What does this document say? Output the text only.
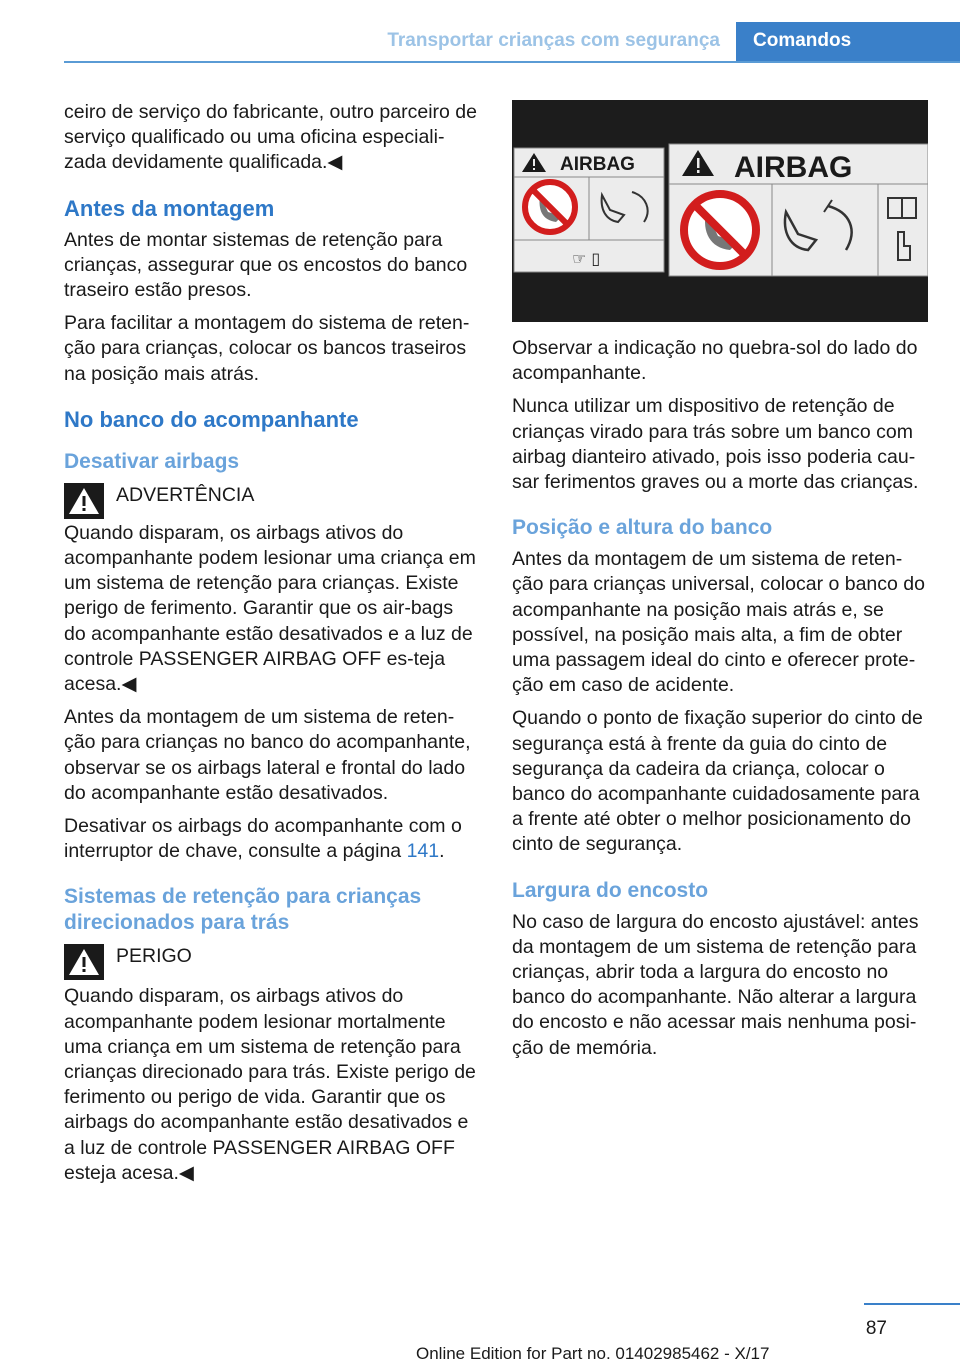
Transportar crianças com segurança	Comandos

ceiro de serviço do fabricante, outro parceiro de serviço qualificado ou uma oficina especiali‐zada devidamente qualificada.◀

Antes da montagem

Antes de montar sistemas de retenção para crianças, assegurar que os encostos do banco traseiro estão presos.

Para facilitar a montagem do sistema de reten‐ção para crianças, colocar os bancos traseiros na posição mais atrás.

No banco do acompanhante
Desativar airbags
ADVERTÊNCIA

Quando disparam, os airbags ativos do acompanhante podem lesionar uma criança em um sistema de retenção para crianças. Existe perigo de ferimento. Garantir que os air‐bags do acompanhante estão desativados e a luz de controle PASSENGER AIRBAG OFF es‐teja acesa.◀

Antes da montagem de um sistema de reten‐ção para crianças no banco do acompanhante, observar se os airbags lateral e frontal do lado do acompanhante estão desativados.

Desativar os airbags do acompanhante com o interruptor de chave, consulte a página 141.

Sistemas de retenção para crianças direcionados para trás
PERIGO

Quando disparam, os airbags ativos do acompanhante podem lesionar mortalmente uma criança em um sistema de retenção para crianças direcionado para trás. Existe perigo de ferimento ou perigo de vida. Garantir que os airbags do acompanhante estão desativados e a luz de controle PASSENGER AIRBAG OFF esteja acesa.◀

AIRBAG
☞ ▯
AIRBAG

Observar a indicação no quebra-sol do lado do acompanhante.

Nunca utilizar um dispositivo de retenção de crianças virado para trás sobre um banco com airbag dianteiro ativado, pois isso poderia cau‐sar ferimentos graves ou a morte das crianças.

Posição e altura do banco

Antes da montagem de um sistema de reten‐ção para crianças universal, colocar o banco do acompanhante na posição mais atrás e, se possível, na posição mais alta, a fim de obter uma passagem ideal do cinto e oferecer prote‐ção em caso de acidente.

Quando o ponto de fixação superior do cinto de segurança está à frente da guia do cinto de segurança da cadeira da criança, colocar o banco do acompanhante cuidadosamente para a frente até obter o melhor posicionamento do cinto de segurança.

Largura do encosto

No caso de largura do encosto ajustável: antes da montagem de um sistema de retenção para crianças, abrir toda a largura do encosto no banco do acompanhante. Não alterar a largura do encosto e não acessar mais nenhuma posi‐ção de memória.

87
Online Edition for Part no. 01402985462 - X/17
